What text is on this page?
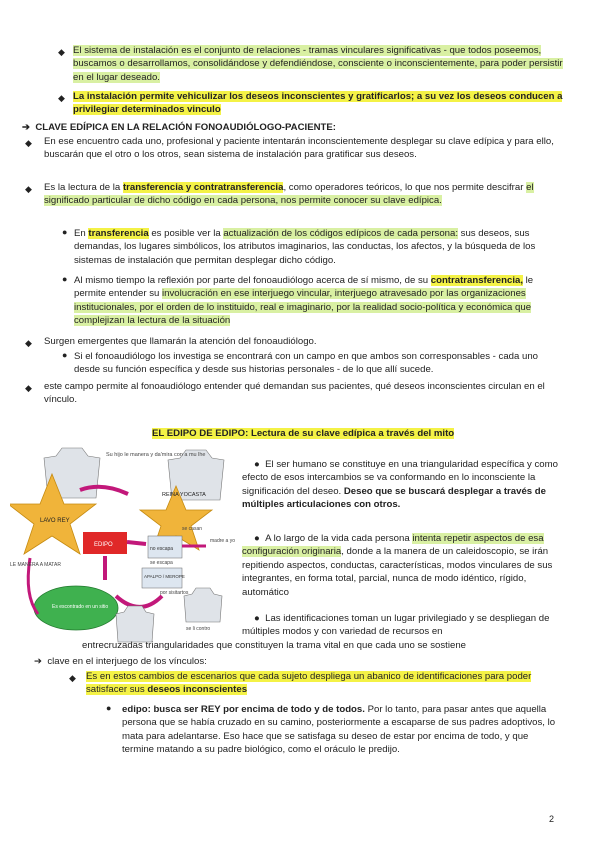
◆ El sistema de instalación es el conjunto de relaciones - tramas vinculares significativas - que todos poseemos, buscamos o desarrollamos, consolidándose y defendiéndose, consciente o inconscientemente, para poder persistir en el lugar deseado.
◆ La instalación permite vehiculizar los deseos inconscientes y gratificarlos; a su vez los deseos conducen a privilegiar determinados vinculo
➔  CLAVE EDÍPICA EN LA RELACIÓN FONOAUDIÓLOGO-PACIENTE:
◆ En ese encuentro cada uno, profesional y paciente intentarán inconscientemente desplegar su clave edípica y para ello, buscarán que el otro o los otros, sean sistema de instalación para gratificar sus deseos.
◆ Es la lectura de la transferencia y contratransferencia, como operadores teóricos, lo que nos permite descifrar el significado particular de dicho código en cada persona, nos permite conocer su clave edípica.
● En transferencia es posible ver la actualización de los códigos edípicos de cada persona: sus deseos, sus demandas, los lugares simbólicos, los atributos imaginarios, las conductas, los afectos, y la búsqueda de los sistemas de instalación que permitan desplegar dicho código.
● Al mismo tiempo la reflexión por parte del fonoaudiólogo acerca de sí mismo, de su contratransferencia, le permite entender su involucración en ese interjuego vincular, interjuego atravesado por las organizaciones institucionales, por el orden de lo instituido, real e imaginario, por la realidad socio-política y económica que complejizan la lectura de la situación
◆ Surgen emergentes que llamarán la atención del fonoaudiólogo.
● Si el fonoaudiólogo los investiga se encontrará con un campo en que ambos son corresponsables - cada uno desde su función específica y desde sus historias personales - de lo que allí sucede.
◆ este campo permite al fonoaudiólogo entender qué demandan sus pacientes, qué deseos inconscientes circulan en el vínculo.
EL EDIPO DE EDIPO: Lectura de su clave edípica a través del mito
Su hijo le manera y da'mira con a mu lhe
LAVO REY
REINA YOCASTA
EDIPO
no escapa
APALPO / MEROPE
Es escontrado en un sitio
se casan
se escapa
madre a yo
LE MANERA A MATAR
por sisitartos
se li contro
●  El ser humano se constituye en una triangularidad específica y como efecto de esos intercambios se va conformando en lo inconsciente la significación del deseo. Deseo que se buscará desplegar a través de múltiples articulaciones con otros.
●  A lo largo de la vida cada persona intenta repetir aspectos de esa configuración originaria, donde a la manera de un caleidoscopio, se irán repitiendo aspectos, conductas, características, modos vinculares de sus integrantes, en forma total, parcial, nunca de modo idéntico, rígido, automático
●  Las identificaciones toman un lugar privilegiado y se despliegan de múltiples modos y con variedad de recursos en
entrecruzadas triangularidades que constituyen la trama vital en que cada uno se sostiene
➔  clave en el interjuego de los vínculos:
◆ Es en estos cambios de escenarios que cada sujeto despliega un abanico de identificaciones para poder satisfacer sus deseos inconscientes
● edipo: busca ser REY por encima de todo y de todos. Por lo tanto, para pasar antes que aquella persona que se había cruzado en su camino, posteriormente a escaparse de sus padres adoptivos, lo mata para adelantarse. Eso hace que se satisfaga su deseo de estar por encima de todo, y que termine matando a su padre biológico, como el oráculo le predijo.
2
